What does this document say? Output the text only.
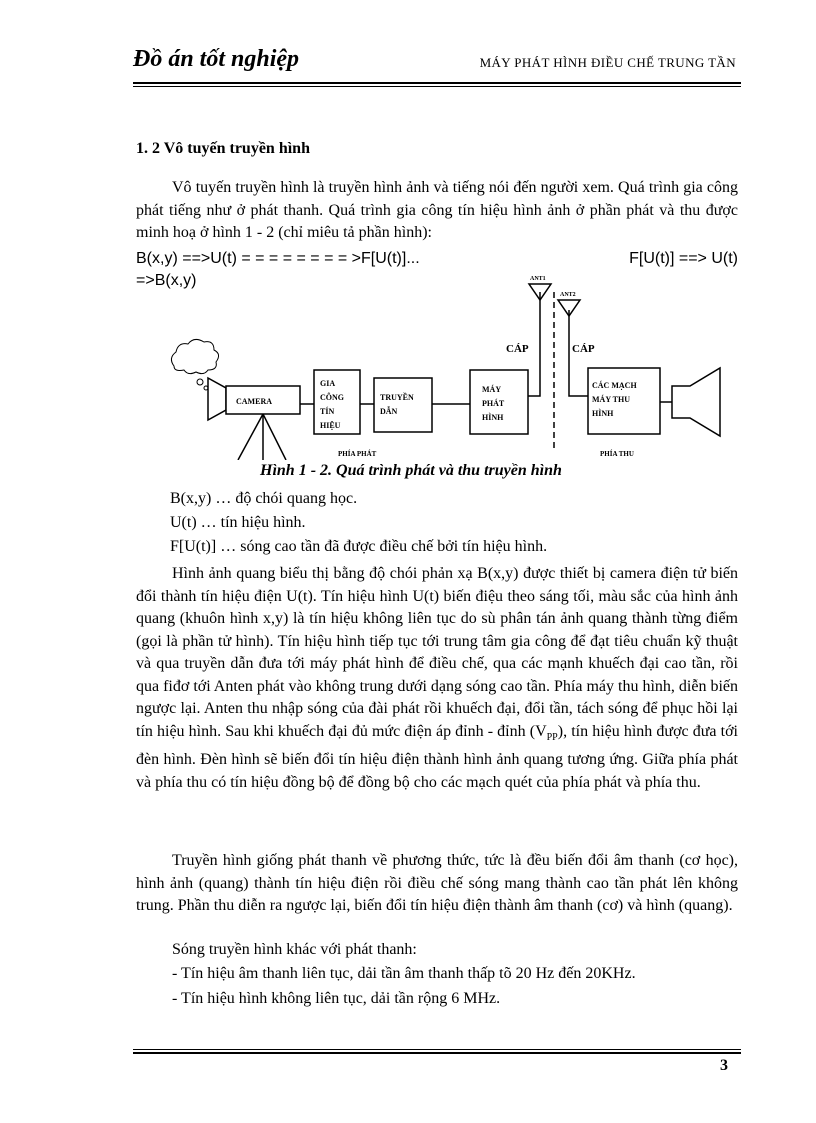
Đồ án tốt nghiệp	MÁY PHÁT HÌNH ĐIỀU CHẾ TRUNG TẦN
1. 2 Vô tuyến truyền hình
Vô tuyến truyền hình là truyền hình ảnh và tiếng nói đến người xem. Quá trình gia công phát tiếng như ở phát thanh. Quá trình gia công tín hiệu hình ảnh ở phần phát và thu được minh hoạ ở hình 1 - 2 (chỉ miêu tả phần hình):
B(x,y) ==>U(t) = = = = = = = = >F[U(t)]...	F[U(t)] ==> U(t)
=>B(x,y)
CAMERA
GIA
CÔNG
TÍN
HIỆU
TRUYỀN
DẪN
MÁY
PHÁT
HÌNH
ANT1
CÁP
ANT2
CÁP
CÁC MẠCH
MÁY THU
HÌNH
PHÍA PHÁT	PHÍA THU
Hình 1 - 2. Quá trình phát và thu truyền hình
B(x,y) … độ chói quang học.
U(t) … tín hiệu hình.
F[U(t)] … sóng cao tần đã được điều chế bởi tín hiệu hình.
Hình ảnh quang biểu thị bằng độ chói phản xạ B(x,y) được thiết bị camera điện tử biến đổi thành tín hiệu điện U(t). Tín hiệu hình U(t) biến điệu theo sáng tối, màu sắc của hình ảnh quang (khuôn hình x,y) là tín hiệu không liên tục do sù phân tán ảnh quang thành từng điểm (gọi là phần tử hình). Tín hiệu hình tiếp tục tới trung tâm gia công để đạt tiêu chuẩn kỹ thuật và qua truyền dẫn đưa tới máy phát hình để điều chế, qua các mạnh khuếch đại cao tần, rồi qua fiđơ tới Anten phát vào không trung dưới dạng sóng cao tần. Phía máy thu hình, diễn biến ngược lại. Anten thu nhập sóng của đài phát rồi khuếch đại, đổi tần, tách sóng để phục hồi lại tín hiệu hình. Sau khi khuếch đại đủ mức điện áp đỉnh - đỉnh $(V_{PP})$, tín hiệu hình được đưa tới đèn hình. Đèn hình sẽ biến đổi tín hiệu điện thành hình ảnh quang tương ứng. Giữa phía phát và phía thu có tín hiệu đồng bộ để đồng bộ cho các mạch quét của phía phát và phía thu.
Truyền hình giống phát thanh về phương thức, tức là đều biến đổi âm thanh (cơ học), hình ảnh (quang) thành tín hiệu điện rồi điều chế sóng mang thành cao tần phát lên không trung. Phần thu diễn ra ngược lại, biến đổi tín hiệu điện thành âm thanh (cơ) và hình (quang).
Sóng truyền hình khác với phát thanh:
- Tín hiệu âm thanh liên tục, dải tần âm thanh thấp tõ 20 Hz đến 20KHz.
- Tín hiệu hình không liên tục, dải tần rộng 6 MHz.
3
